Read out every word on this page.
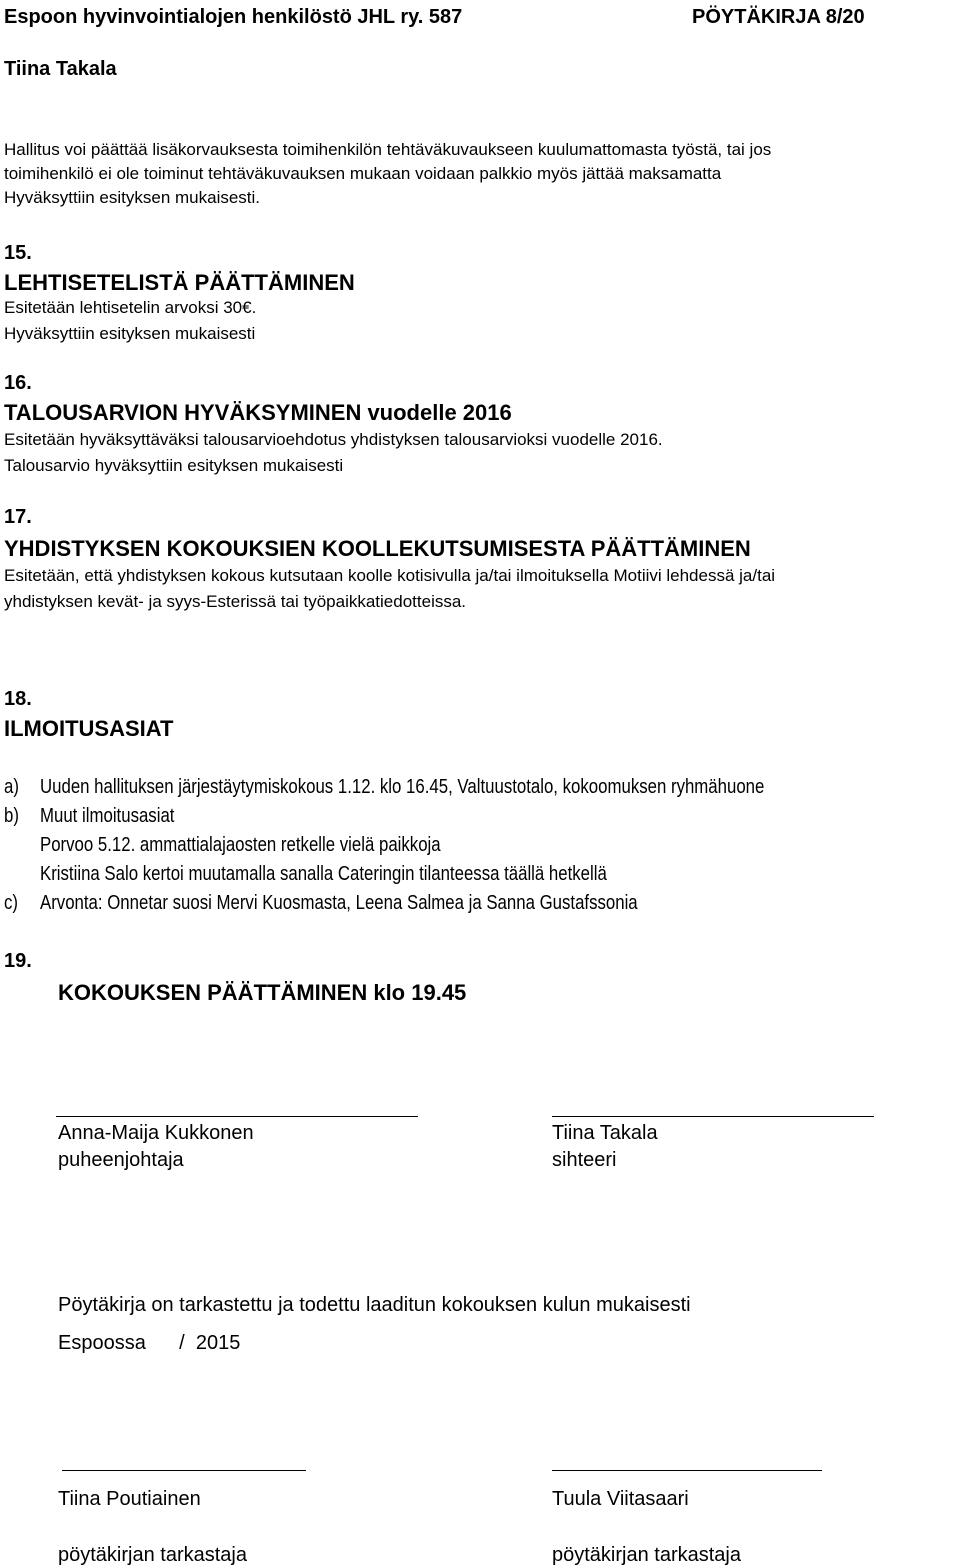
Espoon hyvinvointialojen henkilöstö JHL ry. 587	PÖYTÄKIRJA 8/20
Tiina Takala
Hallitus voi päättää lisäkorvauksesta toimihenkilön tehtäväkuvaukseen kuulumattomasta työstä, tai jos
toimihenkilö ei ole toiminut tehtäväkuvauksen mukaan voidaan palkkio myös jättää maksamatta
Hyväksyttiin esityksen mukaisesti.
15.
LEHTISETELISTÄ PÄÄTTÄMINEN
Esitetään lehtisetelin arvoksi 30€.
Hyväksyttiin esityksen mukaisesti
16.
TALOUSARVION HYVÄKSYMINEN vuodelle 2016
Esitetään hyväksyttäväksi talousarvioehdotus yhdistyksen talousarvioksi vuodelle 2016.
Talousarvio hyväksyttiin esityksen mukaisesti
17.
YHDISTYKSEN KOKOUKSIEN KOOLLEKUTSUMISESTA PÄÄTTÄMINEN
Esitetään, että yhdistyksen kokous kutsutaan koolle kotisivulla ja/tai ilmoituksella Motiivi lehdessä ja/tai
yhdistyksen kevät- ja syys-Esterissä tai työpaikkatiedotteissa.
18.
ILMOITUSASIAT
a) Uuden hallituksen järjestäytymiskokous 1.12. klo 16.45, Valtuustotalo, kokoomuksen ryhmähuone
b) Muut ilmoitusasiat
Porvoo 5.12. ammattialajaosten retkelle vielä paikkoja
Kristiina Salo kertoi muutamalla sanalla Cateringin tilanteessa täällä hetkellä
c) Arvonta: Onnetar suosi Mervi Kuosmasta, Leena Salmea ja Sanna Gustafssonia
19.
KOKOUKSEN PÄÄTTÄMINEN klo 19.45
Anna-Maija Kukkonen
puheenjohtaja
Tiina Takala
sihteeri
Pöytäkirja on tarkastettu ja todettu laaditun kokouksen kulun mukaisesti
Espoossa      /  2015
Tiina Poutiainen
pöytäkirjan tarkastaja
Tuula Viitasaari
pöytäkirjan tarkastaja
